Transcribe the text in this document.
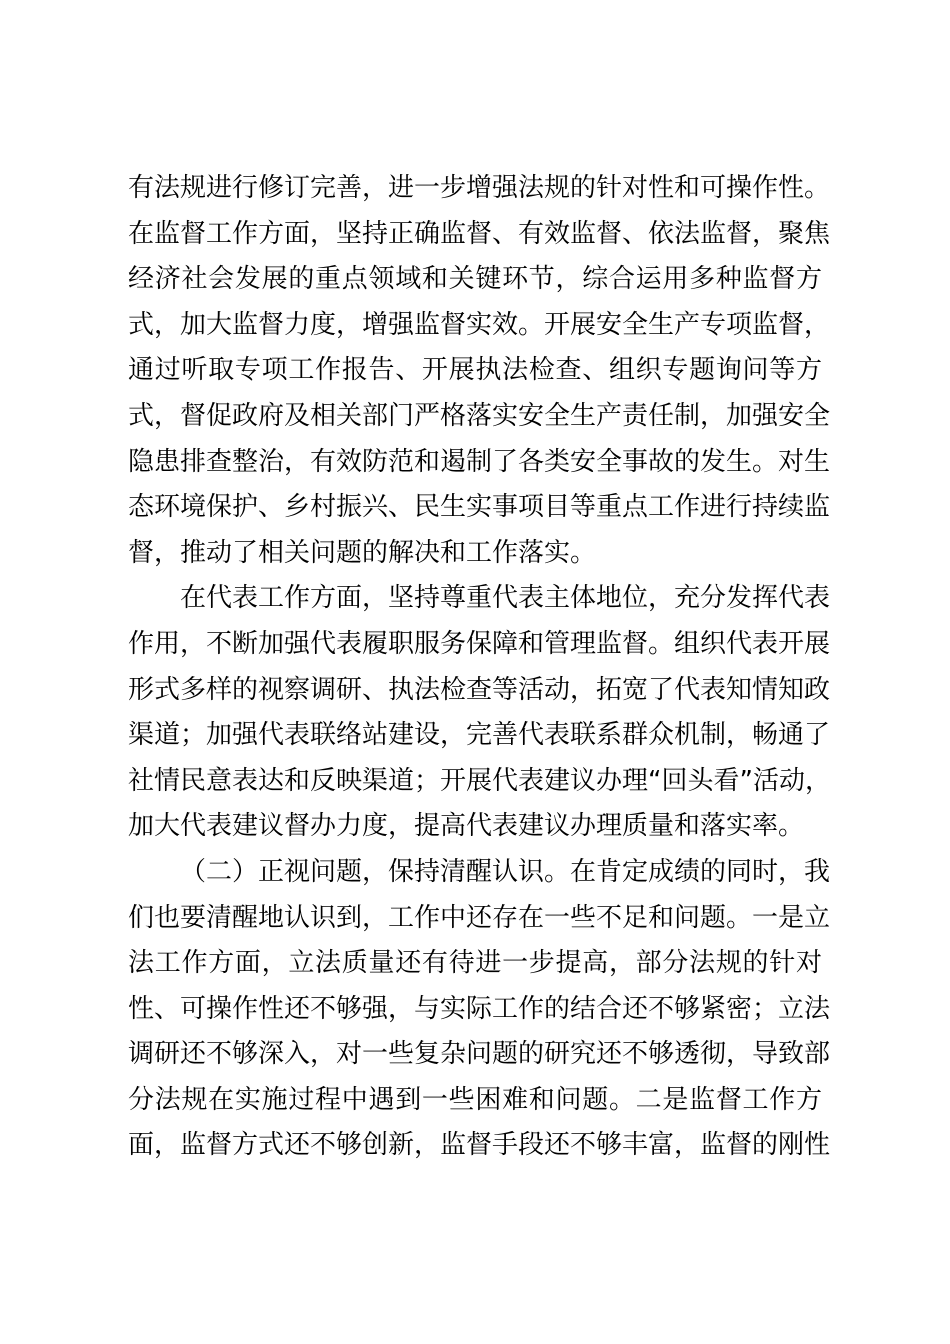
有法规进行修订完善，进一步增强法规的针对性和可操作性。
在监督工作方面，坚持正确监督、有效监督、依法监督，聚焦
经济社会发展的重点领域和关键环节，综合运用多种监督方
式，加大监督力度，增强监督实效。开展安全生产专项监督，
通过听取专项工作报告、开展执法检查、组织专题询问等方
式，督促政府及相关部门严格落实安全生产责任制，加强安全
隐患排查整治，有效防范和遏制了各类安全事故的发生。对生
态环境保护、乡村振兴、民生实事项目等重点工作进行持续监
督，推动了相关问题的解决和工作落实。
在代表工作方面，坚持尊重代表主体地位，充分发挥代表
作用，不断加强代表履职服务保障和管理监督。组织代表开展
形式多样的视察调研、执法检查等活动，拓宽了代表知情知政
渠道；加强代表联络站建设，完善代表联系群众机制，畅通了
社情民意表达和反映渠道；开展代表建议办理“回头看”活动，
加大代表建议督办力度，提高代表建议办理质量和落实率。
（二）正视问题，保持清醒认识。在肯定成绩的同时，我
们也要清醒地认识到，工作中还存在一些不足和问题。一是立
法工作方面，立法质量还有待进一步提高，部分法规的针对
性、可操作性还不够强，与实际工作的结合还不够紧密；立法
调研还不够深入，对一些复杂问题的研究还不够透彻，导致部
分法规在实施过程中遇到一些困难和问题。二是监督工作方
面，监督方式还不够创新，监督手段还不够丰富，监督的刚性
